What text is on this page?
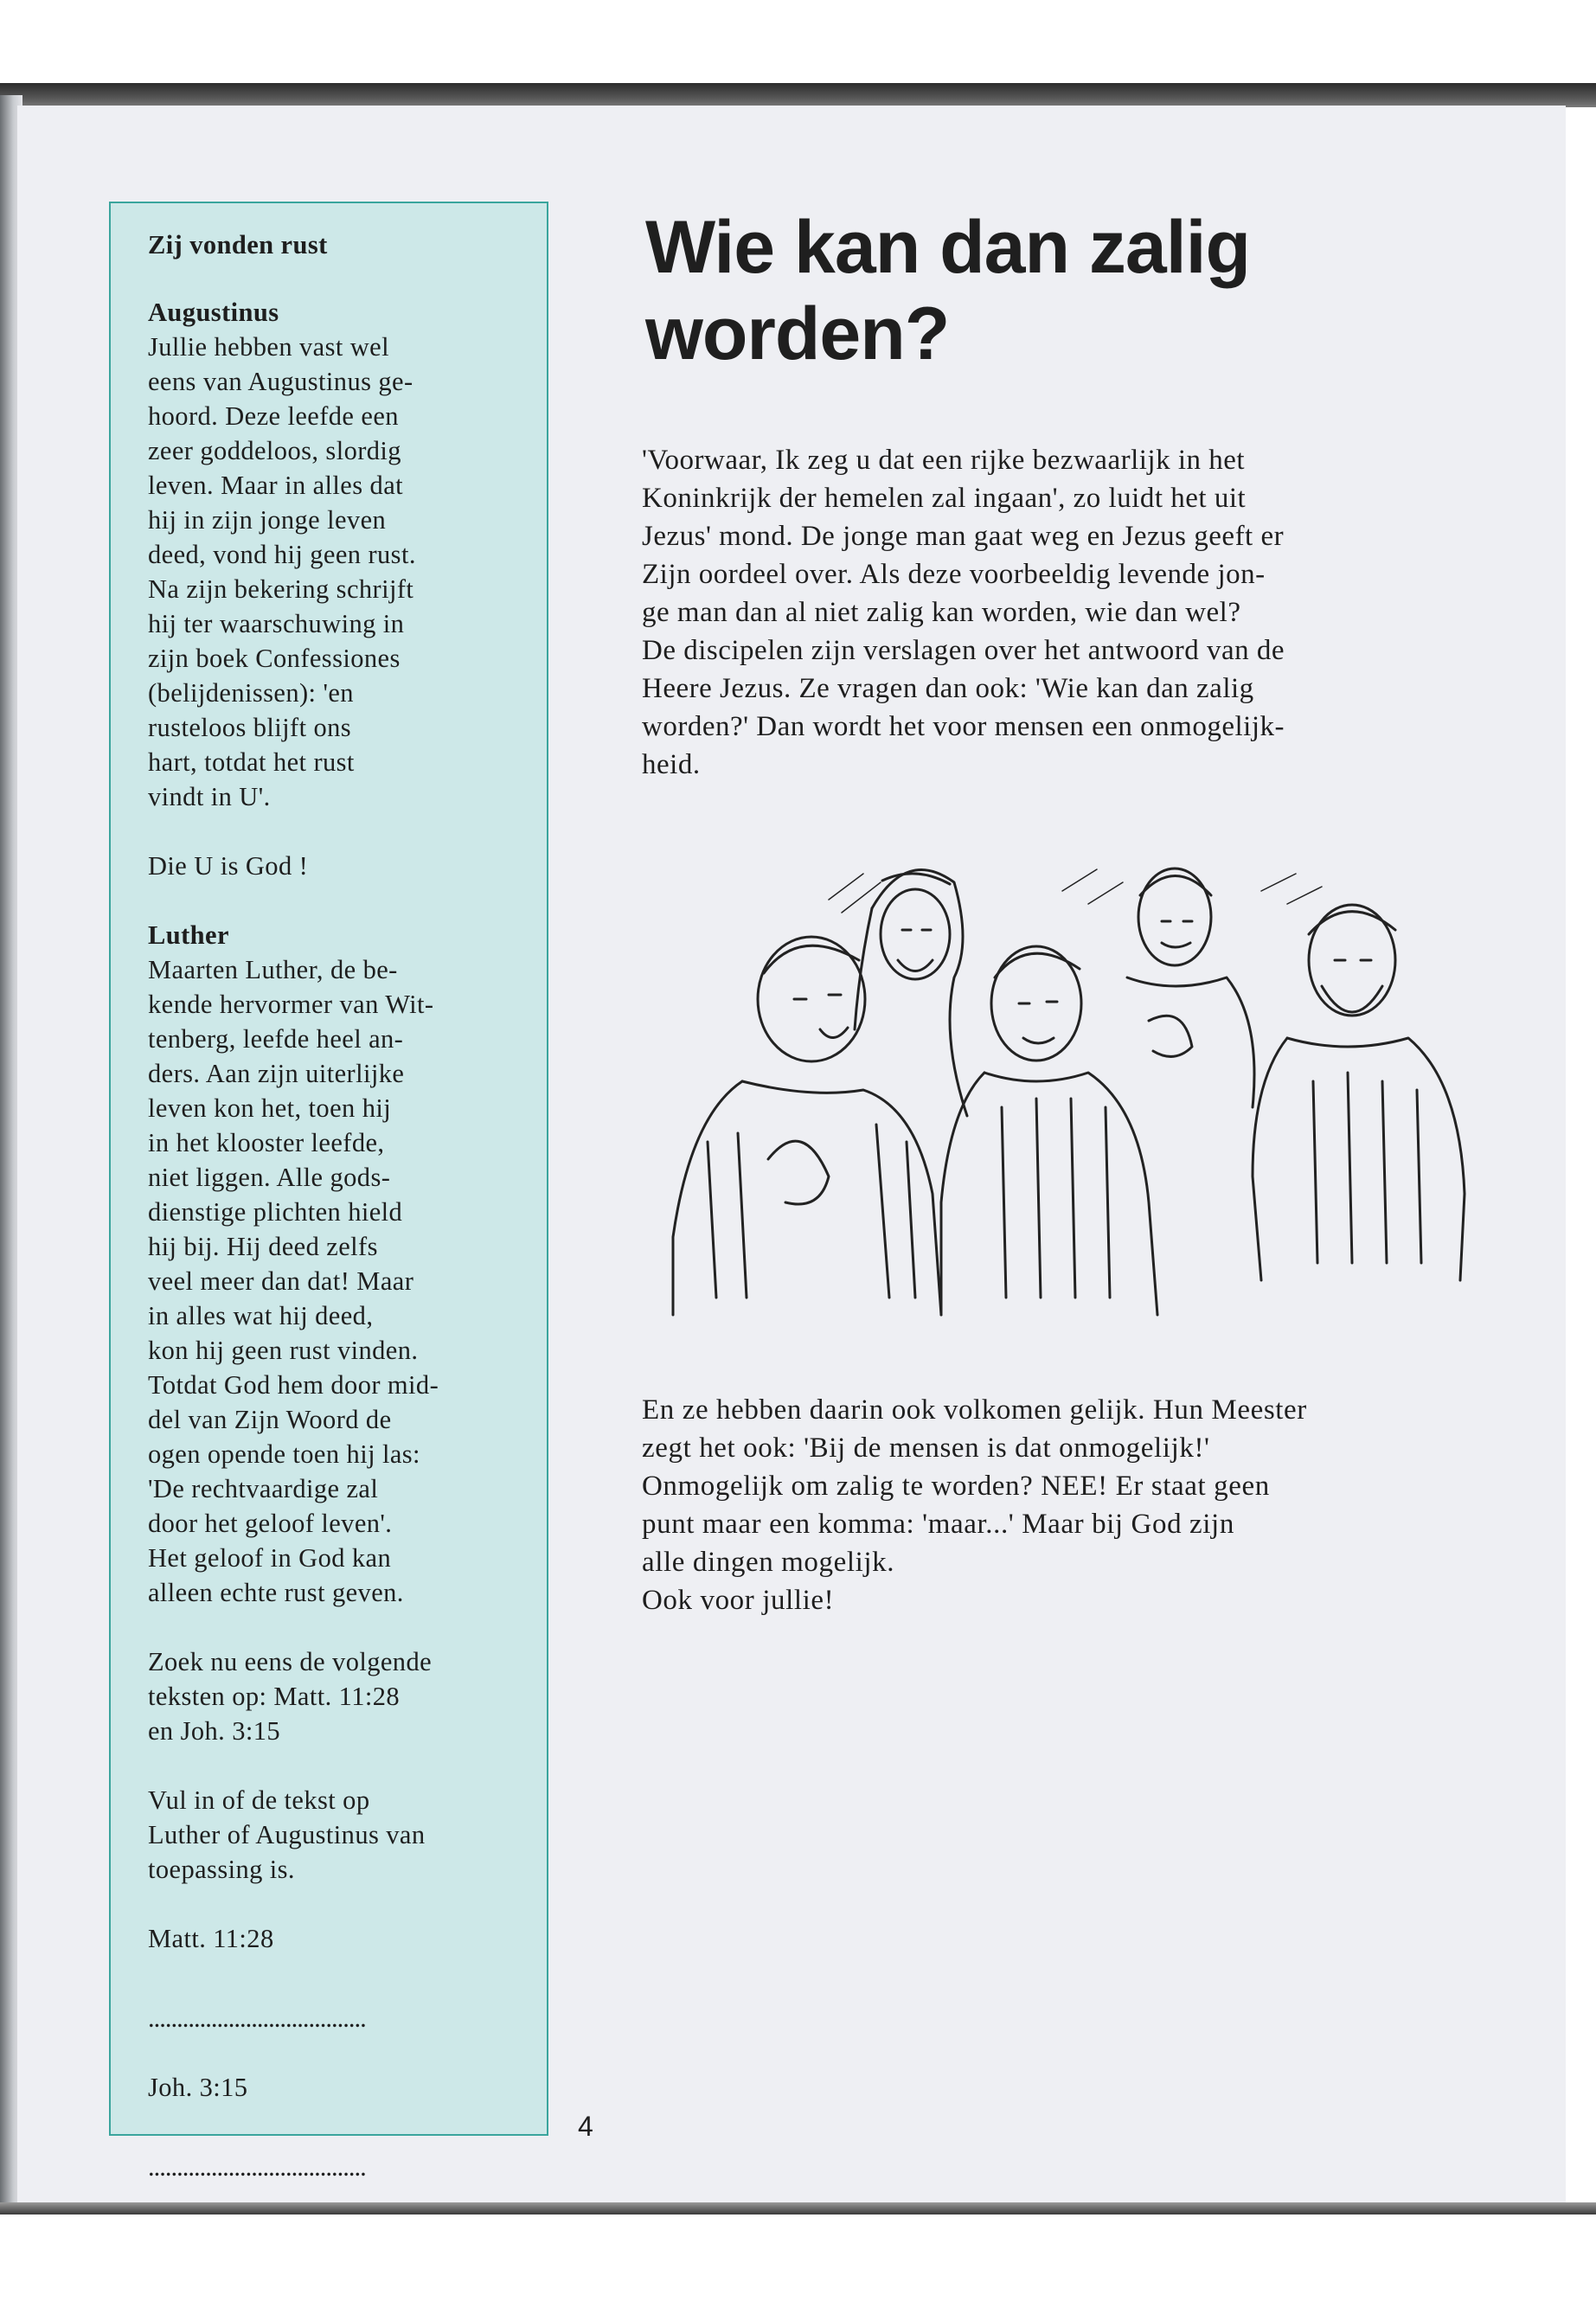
Zij vonden rust

Augustinus

Jullie hebben vast wel

eens van Augustinus ge-

hoord. Deze leefde een

zeer goddeloos, slordig

leven. Maar in alles dat

hij in zijn jonge leven

deed, vond hij geen rust.

Na zijn bekering schrijft

hij ter waarschuwing in

zijn boek Confessiones

(belijdenissen): 'en

rusteloos blijft ons

hart, totdat het rust

vindt in U'.

Die U is God !

Luther

Maarten Luther, de be-

kende hervormer van Wit-

tenberg, leefde heel an-

ders. Aan zijn uiterlijke

leven kon het, toen hij

in het klooster leefde,

niet liggen. Alle gods-

dienstige plichten hield

hij bij. Hij deed zelfs

veel meer dan dat! Maar

in alles wat hij deed,

kon hij geen rust vinden.

Totdat God hem door mid-

del van Zijn Woord de

ogen opende toen hij las:

'De rechtvaardige zal

door het geloof leven'.

Het geloof in God kan

alleen echte rust geven.

Zoek nu eens de volgende

teksten op: Matt. 11:28

en Joh. 3:15

Vul in of de tekst op

Luther of Augustinus van

toepassing is.

Matt. 11:28

......................................

Joh. 3:15

......................................

4
Wie kan dan zalig
worden?
'Voorwaar, Ik zeg u dat een rijke bezwaarlijk in het
Koninkrijk der hemelen zal ingaan', zo luidt het uit
Jezus' mond. De jonge man gaat weg en Jezus geeft er
Zijn oordeel over. Als deze voorbeeldig levende jon-
ge man dan al niet zalig kan worden, wie dan wel?
De discipelen zijn verslagen over het antwoord van de
Heere Jezus. Ze vragen dan ook: 'Wie kan dan zalig
worden?' Dan wordt het voor mensen een onmogelijk-
heid.
En ze hebben daarin ook volkomen gelijk. Hun Meester
zegt het ook: 'Bij de mensen is dat onmogelijk!'
Onmogelijk om zalig te worden? NEE! Er staat geen
punt maar een komma: 'maar...' Maar bij God zijn
alle dingen mogelijk.
Ook voor jullie!
